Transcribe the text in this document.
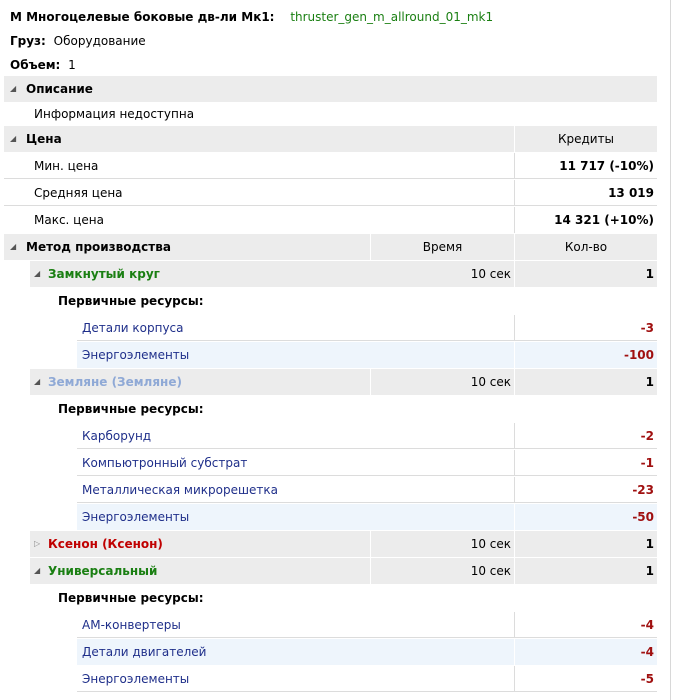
М Многоцелевые боковые дв-ли Мк1: thruster_gen_m_allround_01_mk1
Груз: Оборудование
Объем: 1
◢ Описание
Информация недоступна
◢ Цена	Кредиты
Мин. цена	11 717 (-10%)
Средняя цена	13 019
Макс. цена	14 321 (+10%)
◢ Метод производства	Время	Кол-во
◢ Замкнутый круг	10 сек	1
Первичные ресурсы:
Детали корпуса	-3
Энергоэлементы	-100
◢ Земляне (Земляне)	10 сек	1
Первичные ресурсы:
Карборунд	-2
Компьютронный субстрат	-1
Металлическая микрорешетка	-23
Энергоэлементы	-50
▷ Ксенон (Ксенон)	10 сек	1
◢ Универсальный	10 сек	1
Первичные ресурсы:
АМ-конвертеры	-4
Детали двигателей	-4
Энергоэлементы	-5
